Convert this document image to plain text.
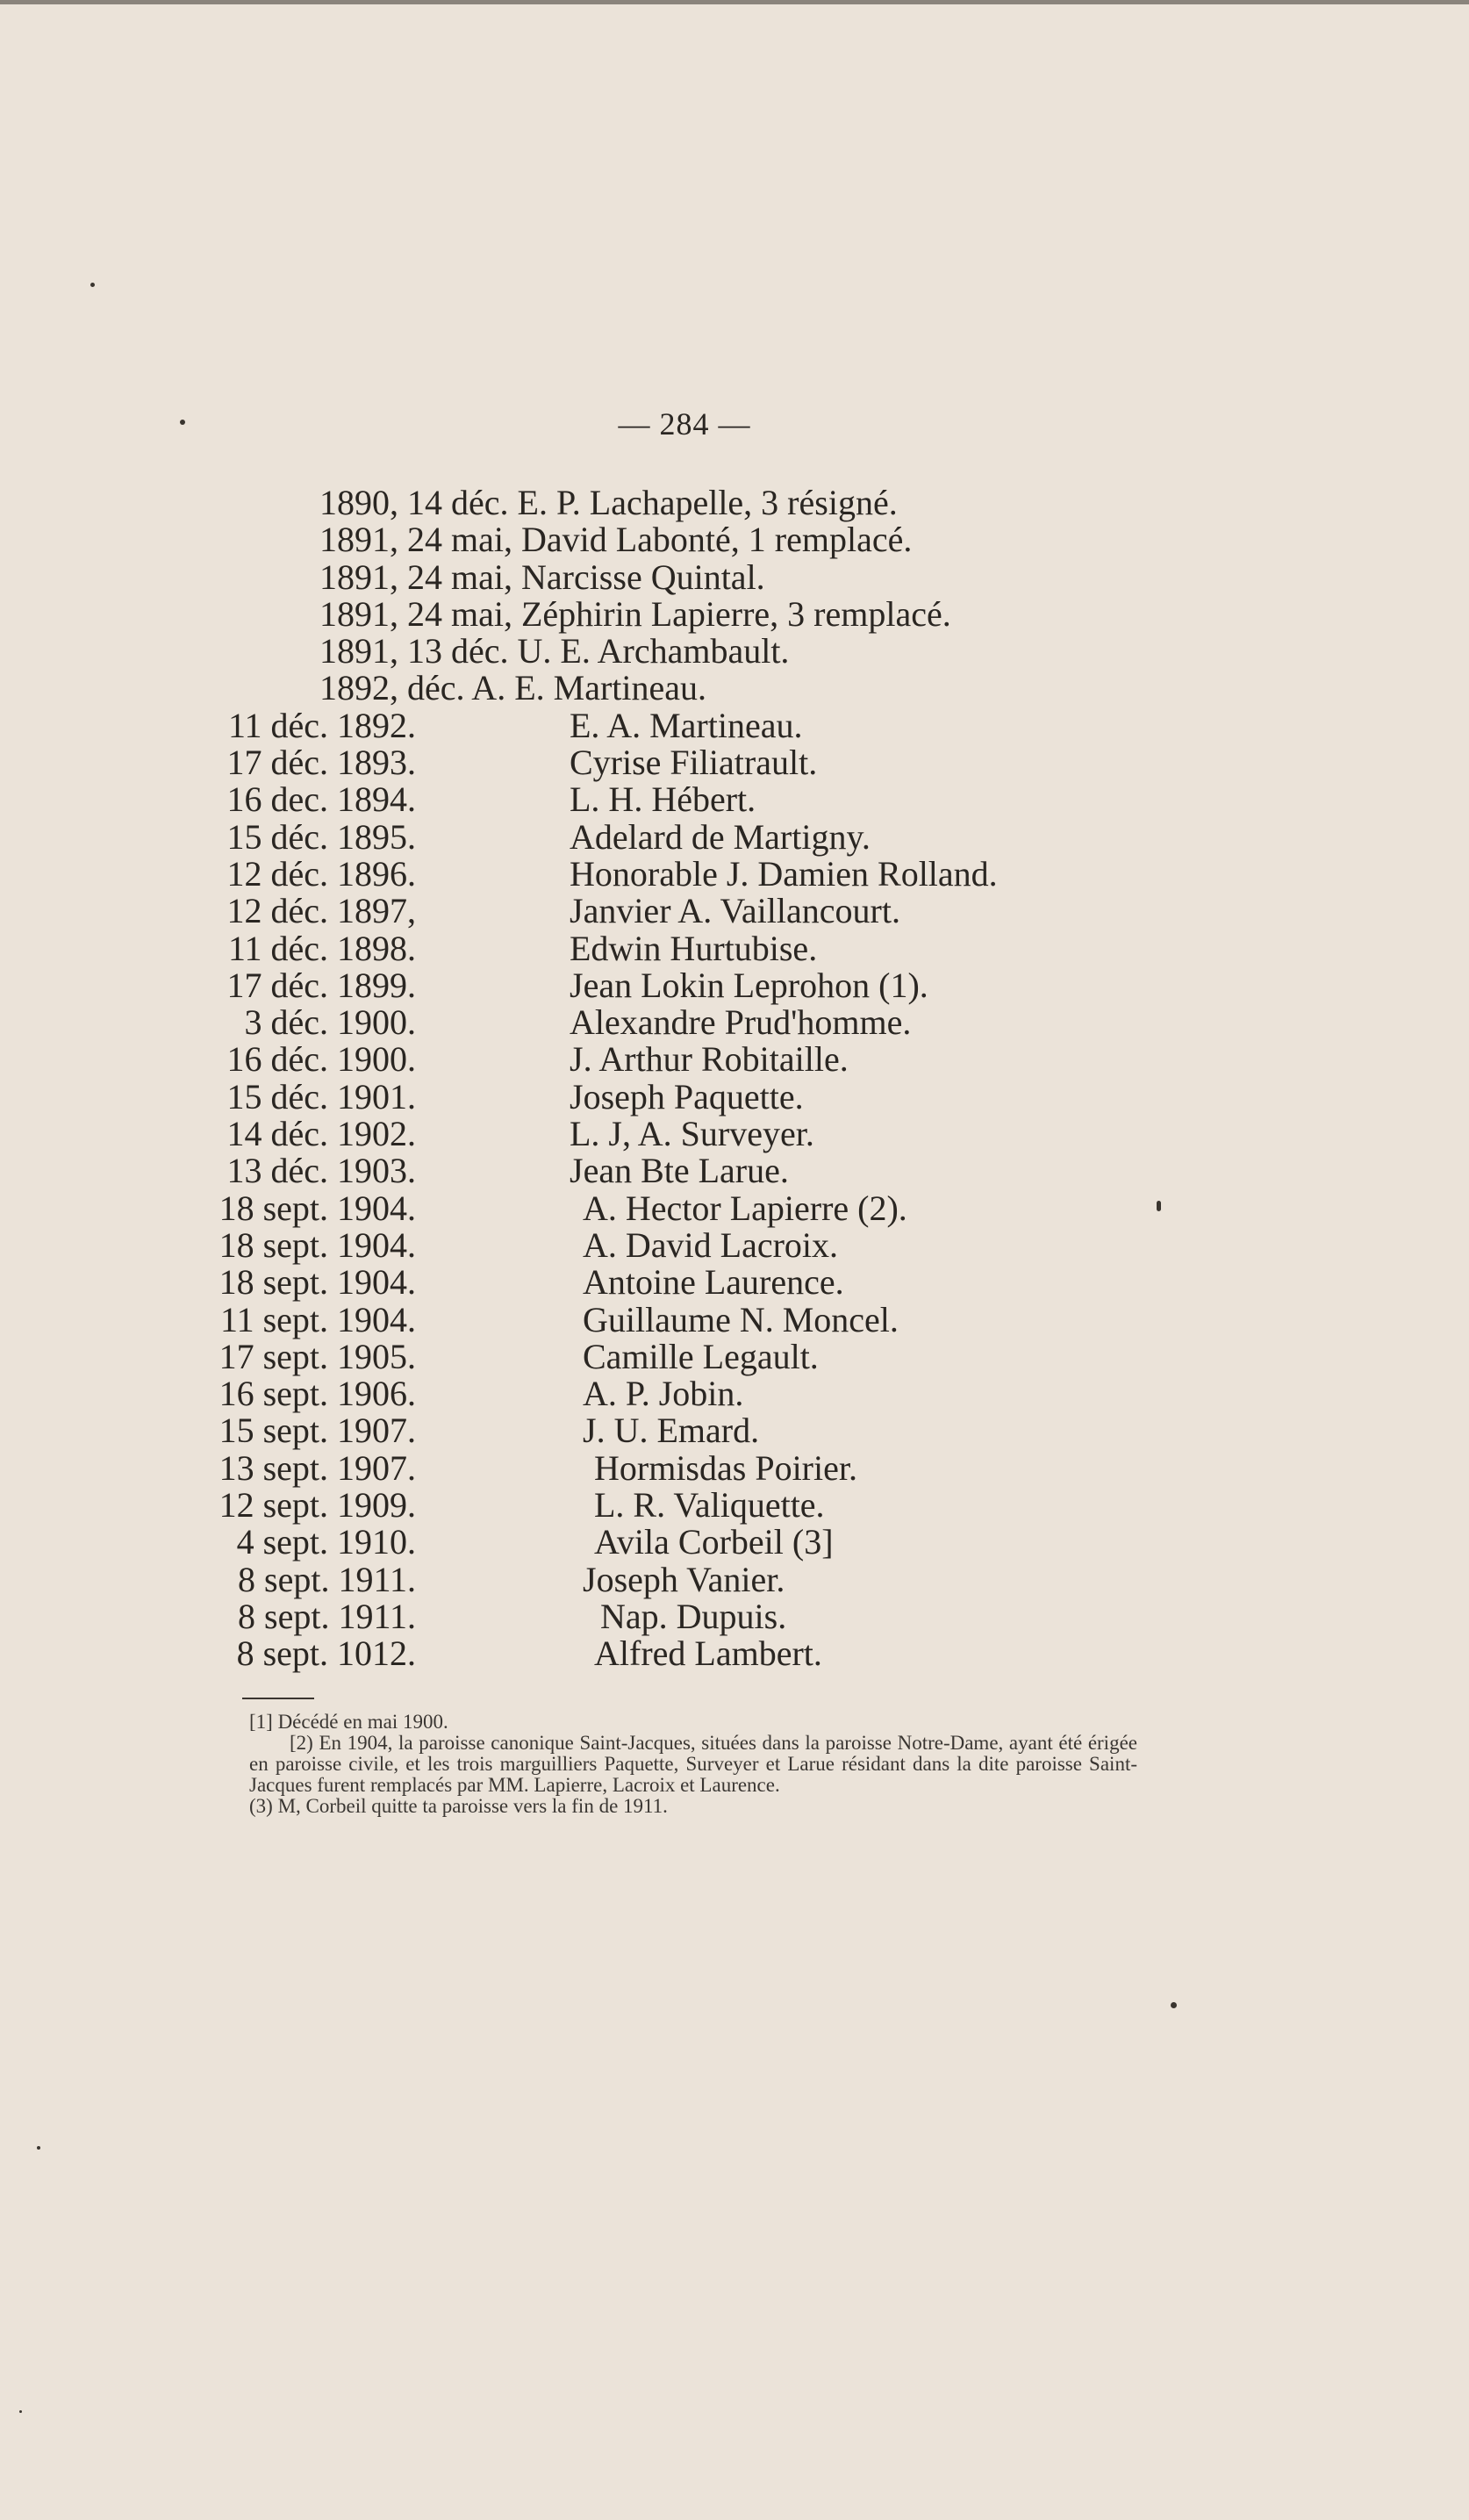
— 284 —
1890, 14 déc. E. P. Lachapelle, 3 résigné.
1891, 24 mai, David Labonté, 1 remplacé.
1891, 24 mai, Narcisse Quintal.
1891, 24 mai, Zéphirin Lapierre, 3 remplacé.
1891, 13 déc. U. E. Archambault.
1892, déc. A. E. Martineau.
11 déc. 1892.	E. A. Martineau.
17 déc. 1893.	Cyrise Filiatrault.
16 dec. 1894.	L. H. Hébert.
15 déc. 1895.	Adelard de Martigny.
12 déc. 1896.	Honorable J. Damien Rolland.
12 déc. 1897,	Janvier A. Vaillancourt.
11 déc. 1898.	Edwin Hurtubise.
17 déc. 1899.	Jean Lokin Leprohon (1).
3 déc. 1900.	Alexandre Prud'homme.
16 déc. 1900.	J. Arthur Robitaille.
15 déc. 1901.	Joseph Paquette.
14 déc. 1902.	L. J, A. Surveyer.
13 déc. 1903.	Jean Bte Larue.
18 sept. 1904.	A. Hector Lapierre (2).
18 sept. 1904.	A. David Lacroix.
18 sept. 1904.	Antoine Laurence.
11 sept. 1904.	Guillaume N. Moncel.
17 sept. 1905.	Camille Legault.
16 sept. 1906.	A. P. Jobin.
15 sept. 1907.	J. U. Emard.
13 sept. 1907.	Hormisdas Poirier.
12 sept. 1909.	L. R. Valiquette.
4 sept. 1910.	Avila Corbeil (3]
8 sept. 1911.	Joseph Vanier.
8 sept. 1911.	Nap. Dupuis.
8 sept. 1012.	Alfred Lambert.

[1] Décédé en mai 1900.

[2) En 1904, la paroisse canonique Saint-Jacques, situées dans la paroisse Notre-Dame, ayant été érigée en paroisse civile, et les trois marguilliers Paquette, Surveyer et Larue résidant dans la dite paroisse Saint-Jacques furent remplacés par MM. Lapierre, Lacroix et Laurence.

(3) M, Corbeil quitte ta paroisse vers la fin de 1911.
